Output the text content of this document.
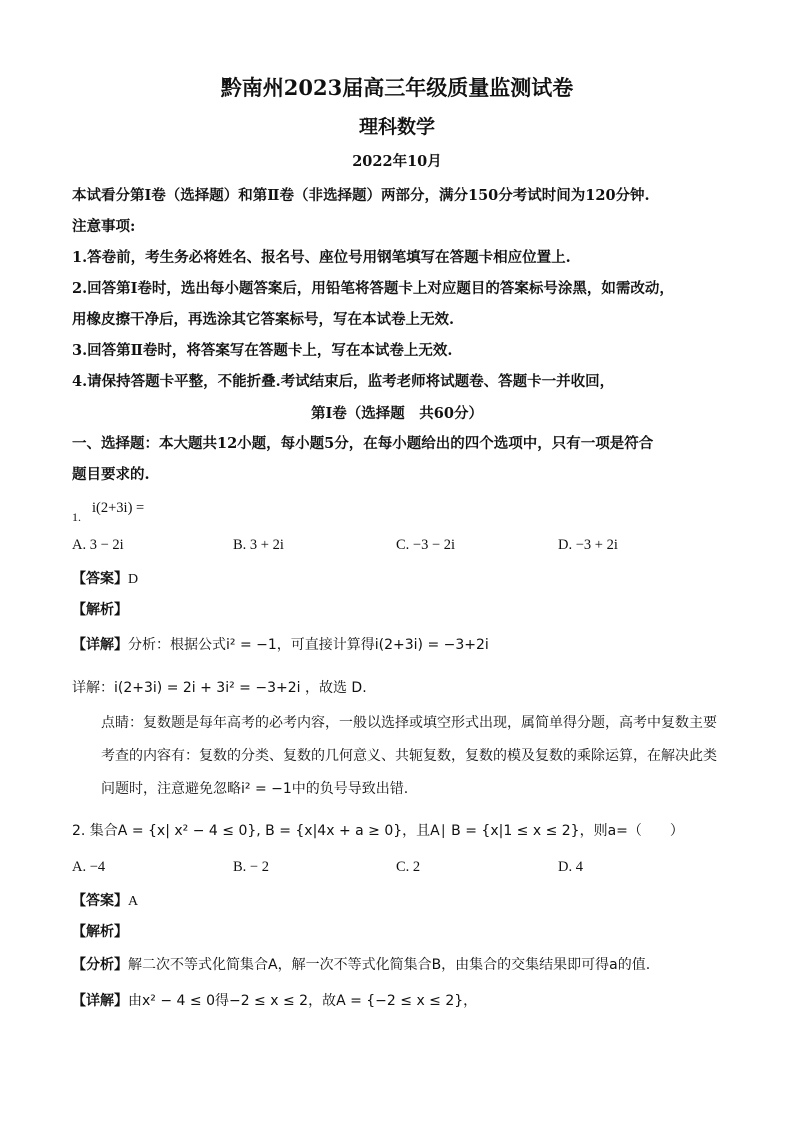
黔南州2023届高三年级质量监测试卷
理科数学
2022年10月
本试看分第Ⅰ卷（选择题）和第Ⅱ卷（非选择题）两部分，满分150分考试时间为120分钟.
注意事项:
1.答卷前，考生务必将姓名、报名号、座位号用钢笔填写在答题卡相应位置上.
2.回答第Ⅰ卷时，选出每小题答案后，用铅笔将答题卡上对应题目的答案标号涂黑，如需改动，
用橡皮擦干净后，再选涂其它答案标号，写在本试卷上无效.
3.回答第Ⅱ卷时，将答案写在答题卡上，写在本试卷上无效.
4.请保持答题卡平整，不能折叠.考试结束后，监考老师将试题卷、答题卡一并收回，
第Ⅰ卷（选择题　共60分）
一、选择题：本大题共12小题，每小题5分，在每小题给出的四个选项中，只有一项是符合
题目要求的.
1.
i(2+3i) =
A. 3 − 2i	B. 3 + 2i	C. −3 − 2i	D. −3 + 2i
【答案】D
【解析】
【详解】分析：根据公式i² = −1，可直接计算得i(2+3i) = −3+2i
详解：i(2+3i) = 2i + 3i² = −3+2i ，故选 D.
点睛：复数题是每年高考的必考内容，一般以选择或填空形式出现，属简单得分题，高考中复数主要
考查的内容有：复数的分类、复数的几何意义、共轭复数，复数的模及复数的乘除运算，在解决此类
问题时，注意避免忽略i² = −1中的负号导致出错.
2. 集合A = {x| x² − 4 ≤ 0}, B = {x|4x + a ≥ 0}，且A∣ B = {x|1 ≤ x ≤ 2}，则a=（　　）
A. −4	B. − 2	C. 2	D. 4
【答案】A
【解析】
【分析】解二次不等式化简集合A，解一次不等式化简集合B，由集合的交集结果即可得a的值.
【详解】由x² − 4 ≤ 0得−2 ≤ x ≤ 2，故A = {−2 ≤ x ≤ 2}，
